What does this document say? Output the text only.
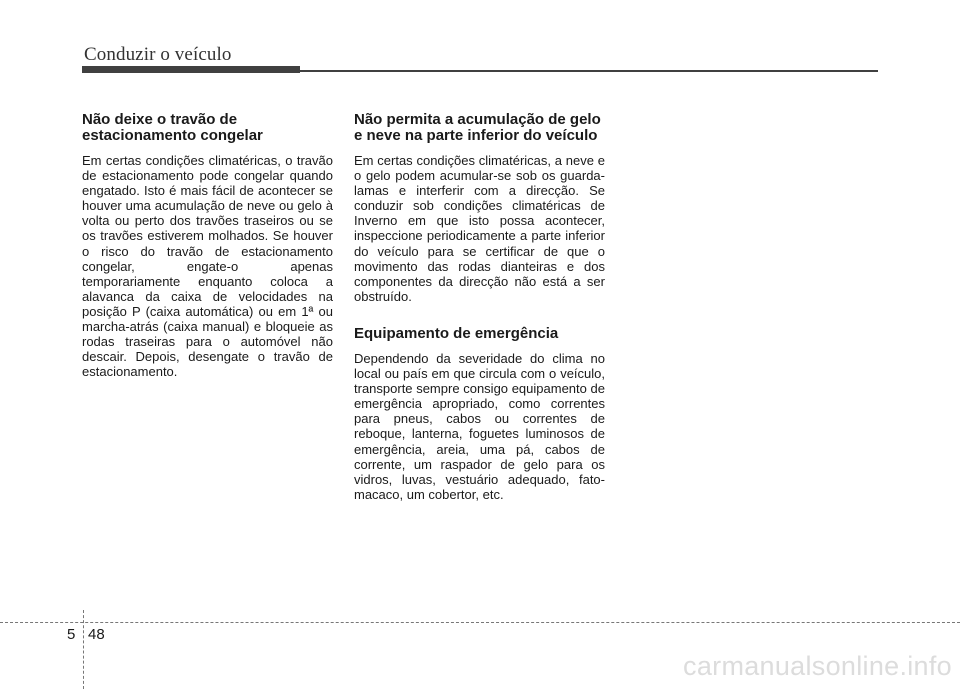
Conduzir o veículo
Não deixe o travão de estacionamento congelar

Em certas condições climatéricas, o travão de estacionamento pode congelar quando engatado. Isto é mais fácil de acontecer se houver uma acumulação de neve ou gelo à volta ou perto dos travões traseiros ou se os travões estiverem molhados. Se houver o risco do travão de estacionamento congelar, engate-o apenas temporariamente enquanto coloca a alavanca da caixa de velocidades na posição P (caixa automática) ou em 1ª ou marcha-atrás (caixa manual) e bloqueie as rodas traseiras para o automóvel não descair. Depois, desengate o travão de estacionamento.

Não permita a acumulação de gelo e neve na parte inferior do veículo

Em certas condições climatéricas, a neve e o gelo podem acumular-se sob os guarda-lamas e interferir com a direcção. Se conduzir sob condições climatéricas de Inverno em que isto possa acontecer, inspeccione periodicamente a parte inferior do veículo para se certificar de que o movimento das rodas dianteiras e dos componentes da direcção não está a ser obstruído.

Equipamento de emergência

Dependendo da severidade do clima no local ou país em que circula com o veículo, transporte sempre consigo equipamento de emergência apropriado, como correntes para pneus, cabos ou correntes de reboque, lanterna, foguetes luminosos de emergência, areia, uma pá, cabos de corrente, um raspador de gelo para os vidros, luvas, vestuário adequado, fato-macaco, um cobertor, etc.

5 48
carmanualsonline.info
